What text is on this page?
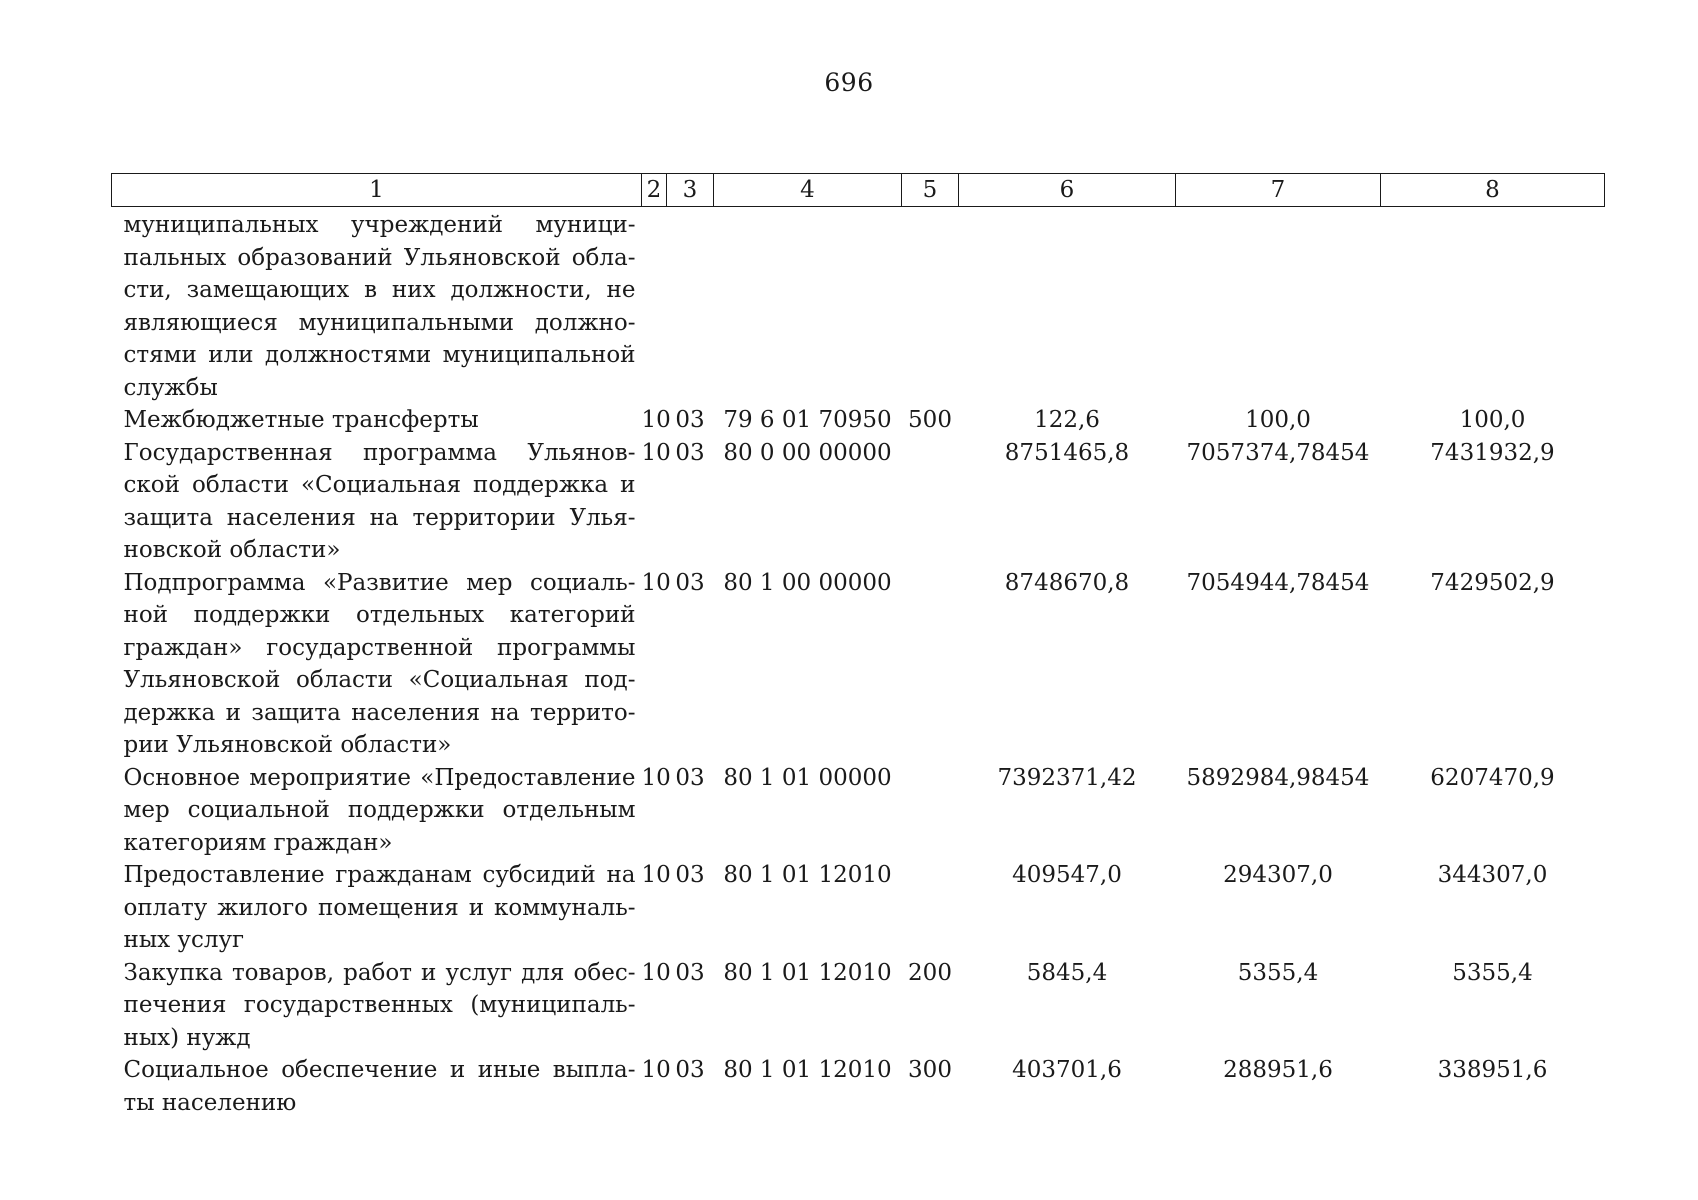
696
1	2	3	4	5	6	7	8
муниципальных учреждений муниципальных образований Ульяновской области, замещающих в них должности, не являющиеся муниципальными должностями или должностями муниципальной службы							
Межбюджетные трансферты	10	03	79 6 01 70950	500	122,6	100,0	100,0
Государственная программа Ульяновской области «Социальная поддержка и защита населения на территории Ульяновской области»	10	03	80 0 00 00000		8751465,8	7057374,78454	7431932,9
Подпрограмма «Развитие мер социальной поддержки отдельных категорий граждан» государственной программы Ульяновской области «Социальная поддержка и защита населения на территории Ульяновской области»	10	03	80 1 00 00000		8748670,8	7054944,78454	7429502,9
Основное мероприятие «Предоставление мер социальной поддержки отдельным категориям граждан»	10	03	80 1 01 00000		7392371,42	5892984,98454	6207470,9
Предоставление гражданам субсидий на оплату жилого помещения и коммунальных услуг	10	03	80 1 01 12010		409547,0	294307,0	344307,0
Закупка товаров, работ и услуг для обеспечения государственных (муниципальных) нужд	10	03	80 1 01 12010	200	5845,4	5355,4	5355,4
Социальное обеспечение и иные выплаты населению	10	03	80 1 01 12010	300	403701,6	288951,6	338951,6
